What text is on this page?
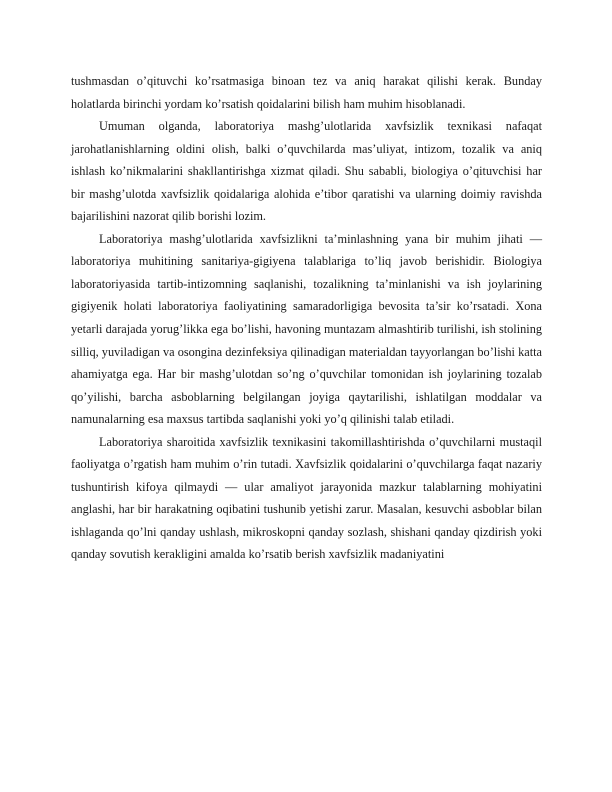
tushmasdan o’qituvchi ko’rsatmasiga binoan tez va aniq harakat qilishi kerak. Bunday holatlarda birinchi yordam ko’rsatish qoidalarini bilish ham muhim hisoblanadi.

Umuman olganda, laboratoriya mashg’ulotlarida xavfsizlik texnikasi nafaqat jarohatlanishlarning oldini olish, balki o’quvchilarda mas’uliyat, intizom, tozalik va aniq ishlash ko’nikmalarini shakllantirishga xizmat qiladi. Shu sababli, biologiya o’qituvchisi har bir mashg’ulotda xavfsizlik qoidalariga alohida e’tibor qaratishi va ularning doimiy ravishda bajarilishini nazorat qilib borishi lozim.

Laboratoriya mashg’ulotlarida xavfsizlikni ta’minlashning yana bir muhim jihati — laboratoriya muhitining sanitariya-gigiyena talablariga to’liq javob berishidir. Biologiya laboratoriyasida tartib-intizomning saqlanishi, tozalikning ta’minlanishi va ish joylarining gigiyenik holati laboratoriya faoliyatining samaradorligiga bevosita ta’sir ko’rsatadi. Xona yetarli darajada yorug’likka ega bo’lishi, havoning muntazam almashtirib turilishi, ish stolining silliq, yuviladigan va osongina dezinfeksiya qilinadigan materialdan tayyorlangan bo’lishi katta ahamiyatga ega. Har bir mashg’ulotdan so’ng o’quvchilar tomonidan ish joylarining tozalab qo’yilishi, barcha asboblarning belgilangan joyiga qaytarilishi, ishlatilgan moddalar va namunalarning esa maxsus tartibda saqlanishi yoki yo’q qilinishi talab etiladi.

Laboratoriya sharoitida xavfsizlik texnikasini takomillashtirishda o’quvchilarni mustaqil faoliyatga o’rgatish ham muhim o’rin tutadi. Xavfsizlik qoidalarini o’quvchilarga faqat nazariy tushuntirish kifoya qilmaydi — ular amaliyot jarayonida mazkur talablarning mohiyatini anglashi, har bir harakatning oqibatini tushunib yetishi zarur. Masalan, kesuvchi asboblar bilan ishlaganda qo’lni qanday ushlash, mikroskopni qanday sozlash, shishani qanday qizdirish yoki qanday sovutish kerakligini amalda ko’rsatib berish xavfsizlik madaniyatini
